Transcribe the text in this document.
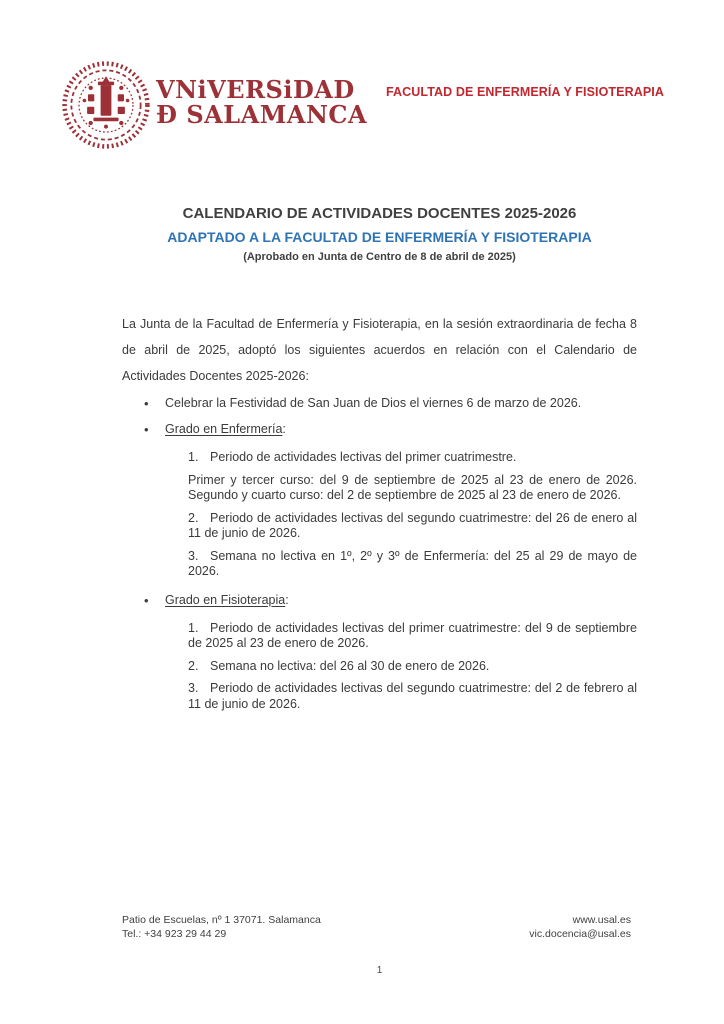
VNiVERSiDAD
Ð SALAMANCA
FACULTAD DE ENFERMERÍA Y FISIOTERAPIA
CALENDARIO DE ACTIVIDADES DOCENTES 2025-2026
ADAPTADO A LA FACULTAD DE ENFERMERÍA Y FISIOTERAPIA
(Aprobado en Junta de Centro de 8 de abril de 2025)

La Junta de la Facultad de Enfermería y Fisioterapia, en la sesión extraordinaria de fecha 8 de abril de 2025, adoptó los siguientes acuerdos en relación con el Calendario de Actividades Docentes 2025-2026:

• Celebrar la Festividad de San Juan de Dios el viernes 6 de marzo de 2026.
• Grado en Enfermería:
1. Periodo de actividades lectivas del primer cuatrimestre.
Primer y tercer curso: del 9 de septiembre de 2025 al 23 de enero de 2026.
Segundo y cuarto curso: del 2 de septiembre de 2025 al 23 de enero de 2026.
2. Periodo de actividades lectivas del segundo cuatrimestre: del 26 de enero al 11 de junio de 2026.
3. Semana no lectiva en 1º, 2º y 3º de Enfermería: del 25 al 29 de mayo de 2026.
• Grado en Fisioterapia:
1. Periodo de actividades lectivas del primer cuatrimestre: del 9 de septiembre de 2025 al 23 de enero de 2026.
2. Semana no lectiva: del 26 al 30 de enero de 2026.
3. Periodo de actividades lectivas del segundo cuatrimestre: del 2 de febrero al 11 de junio de 2026.
Patio de Escuelas, nº 1 37071. Salamanca
Tel.: +34 923 29 44 29
www.usal.es
vic.docencia@usal.es
1
